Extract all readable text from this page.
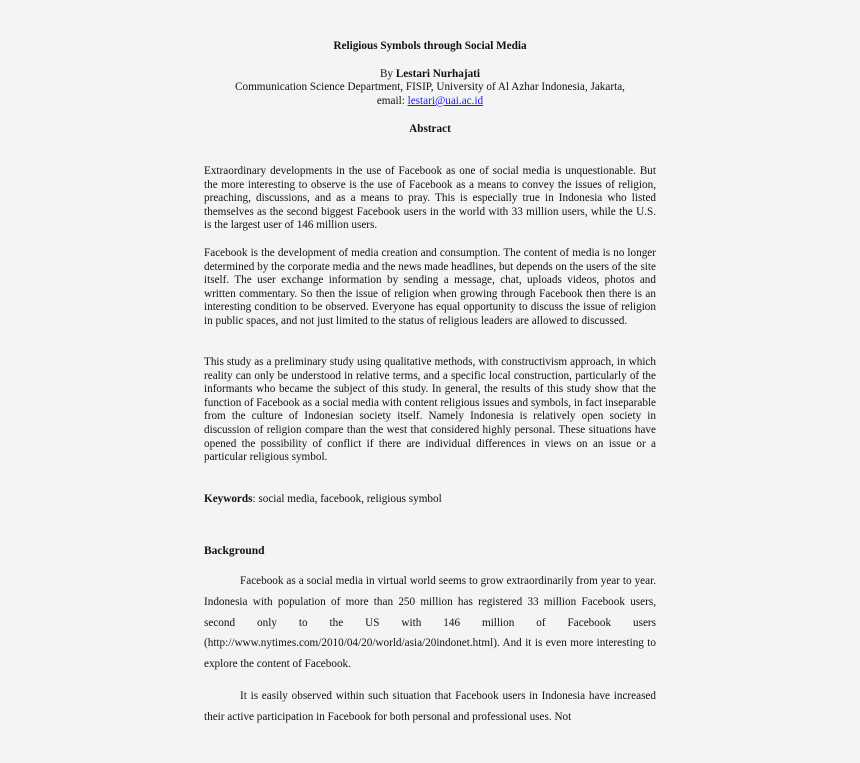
Religious Symbols through Social Media
By Lestari Nurhajati
Communication Science Department, FISIP, University of Al Azhar Indonesia, Jakarta,
email: lestari@uai.ac.id
Abstract
Extraordinary developments in the use of Facebook as one of social media is unquestionable. But the more interesting to observe is the use of Facebook as a means to convey the issues of religion, preaching, discussions, and as a means to pray. This is especially true in Indonesia who listed themselves as the second biggest Facebook users in the world with 33 million users, while the U.S. is the largest user of 146 million users.
Facebook is the development of media creation and consumption. The content of media is no longer determined by the corporate media and the news made headlines, but depends on the users of the site itself. The user exchange information by sending a message, chat, uploads videos, photos and written commentary. So then the issue of religion when growing through Facebook then there is an interesting condition to be observed. Everyone has equal opportunity to discuss the issue of religion in public spaces, and not just limited to the status of religious leaders are allowed to discussed.
This study as a preliminary study using qualitative methods, with constructivism approach, in which reality can only be understood in relative terms, and a specific local construction, particularly of the informants who became the subject of this study. In general, the results of this study show that the function of Facebook as a social media with content religious issues and symbols, in fact inseparable from the culture of Indonesian society itself. Namely Indonesia is relatively open society in discussion of religion compare than the west that considered highly personal. These situations have opened the possibility of conflict if there are individual differences in views on an issue or a particular religious symbol.
Keywords: social media, facebook, religious symbol
Background
Facebook as a social media in virtual world seems to grow extraordinarily from year to year. Indonesia with population of more than 250 million has registered 33 million Facebook users, second only to the US with 146 million of Facebook users (http://www.nytimes.com/2010/04/20/world/asia/20indonet.html). And it is even more interesting to explore the content of Facebook.
It is easily observed within such situation that Facebook users in Indonesia have increased their active participation in Facebook for both personal and professional uses. Not
